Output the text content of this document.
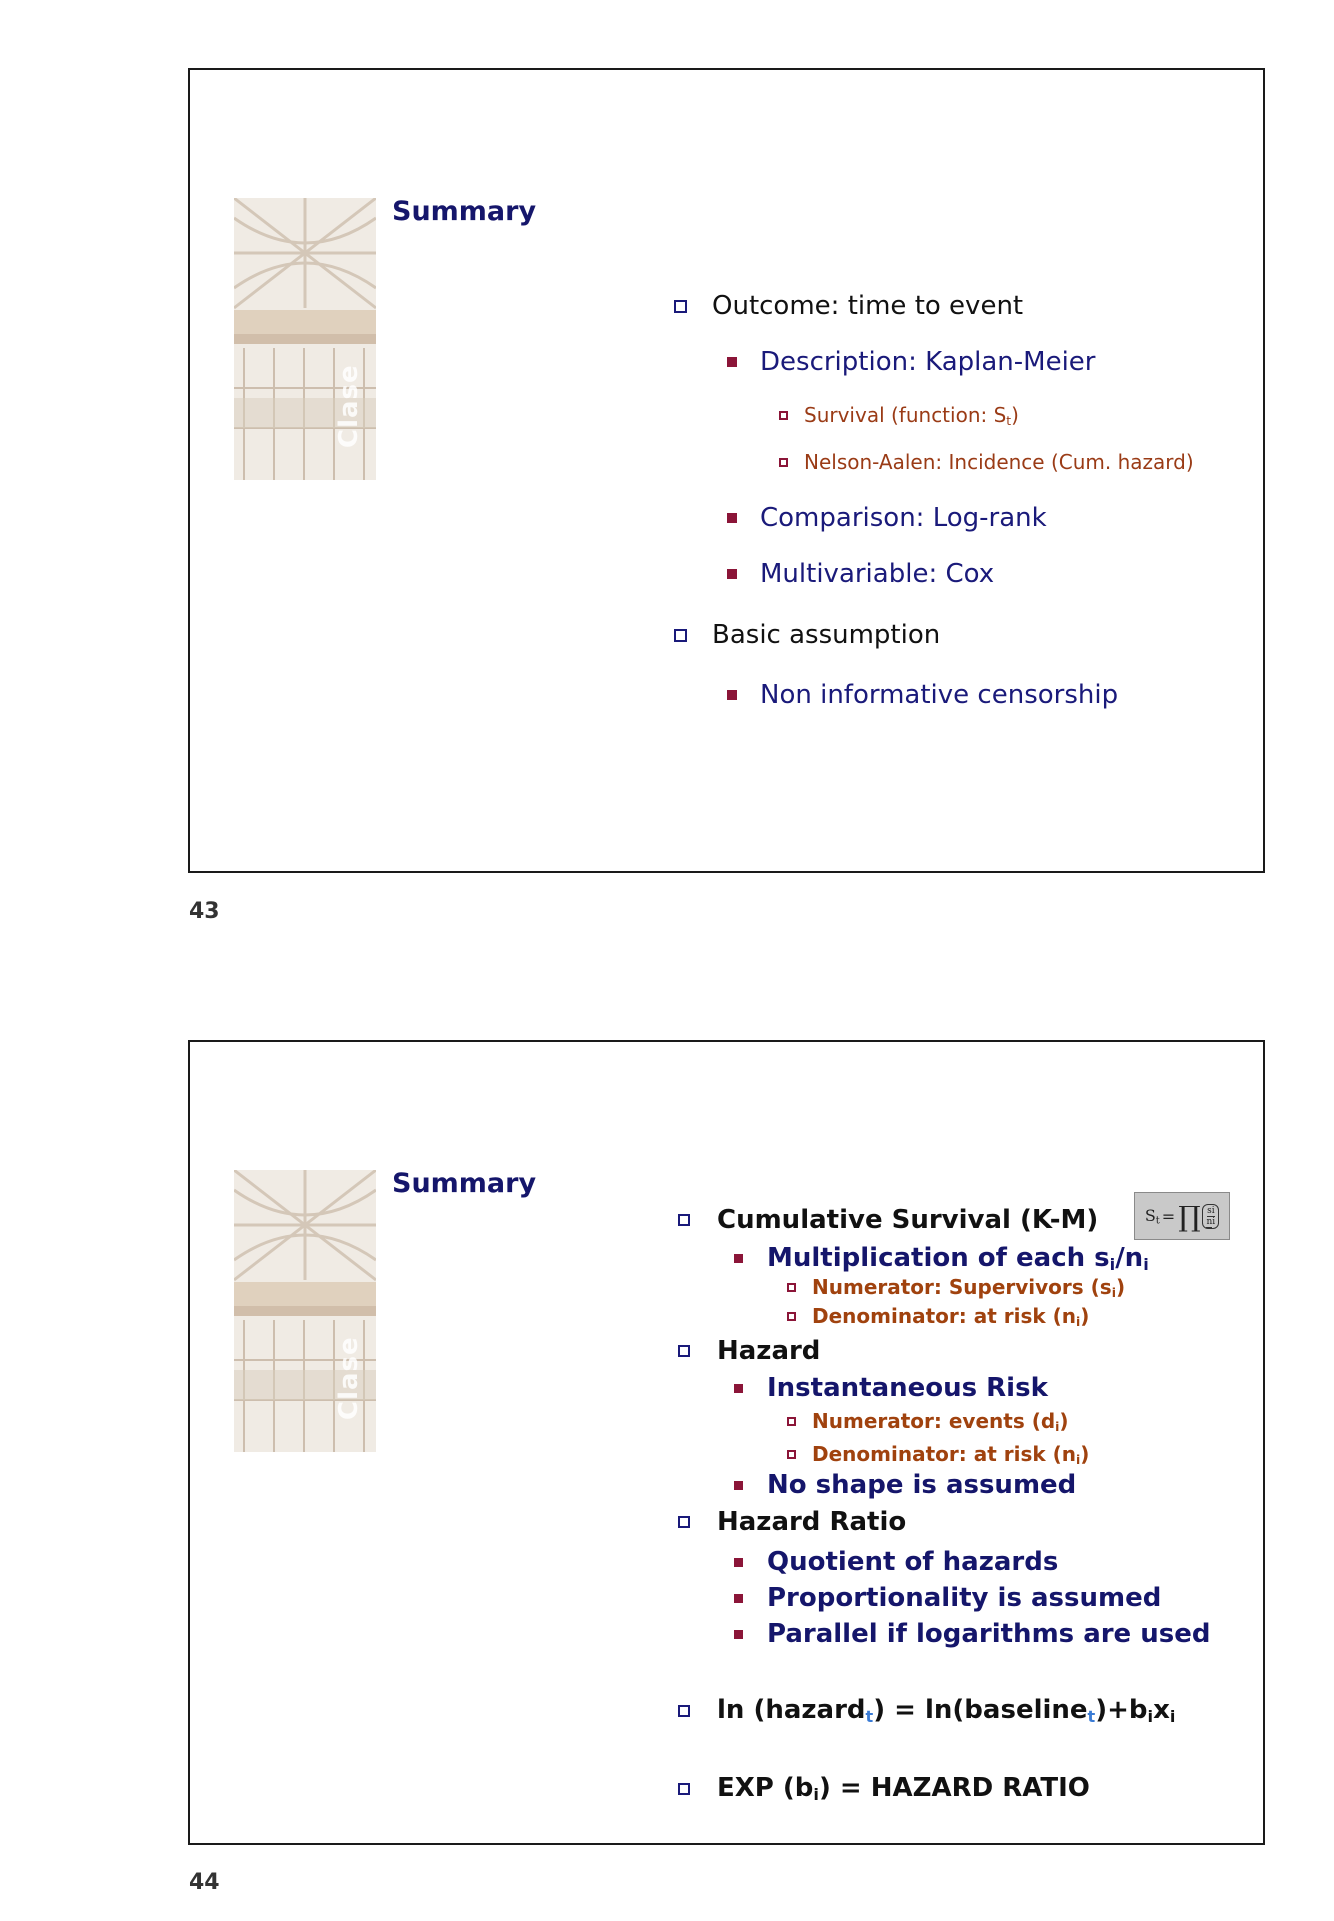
Clase
Summary
Outcome: time to event
Description: Kaplan-Meier
Survival (function: $S_t$)
Nelson-Aalen: Incidence (Cum. hazard)
Comparison: Log-rank
Multivariable: Cox
Basic assumption
Non informative censorship
43
Clase
Summary
$S_t$ = ∏ $\frac{si}{ni}$
Cumulative Survival (K-M)
Multiplication of each $s_i/n_i$
Numerator: Supervivors $(s_i)$
Denominator: at risk $(n_i)$
Hazard
Instantaneous Risk
Numerator: events $(d_i)$
Denominator: at risk $(n_i)$
No shape is assumed
Hazard Ratio
Quotient of hazards
Proportionality is assumed
Parallel if logarithms are used
ln (hazardt) = $\ln(baselinet)+b_ix_i$
EXP $(b_i)$ = HAZARD RATIO
44
